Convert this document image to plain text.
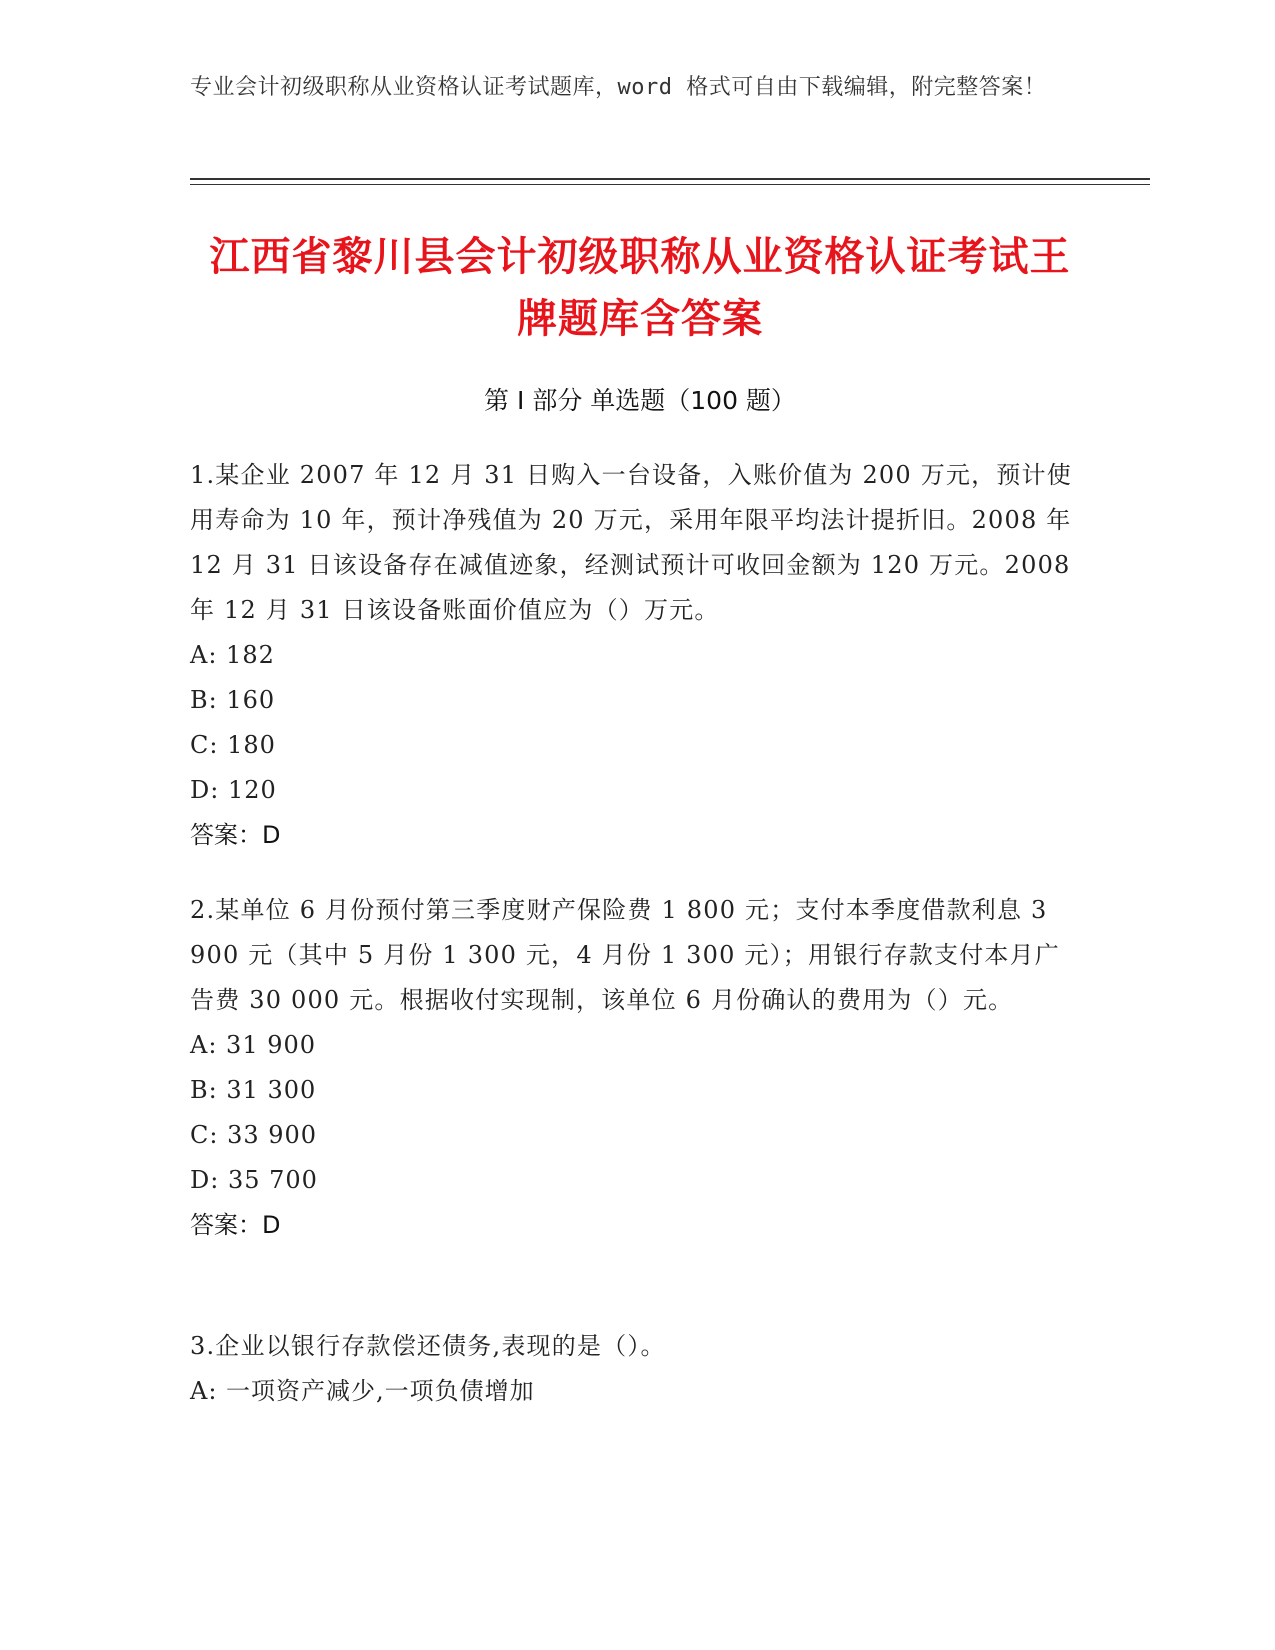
专业会计初级职称从业资格认证考试题库，word 格式可自由下载编辑，附完整答案！
江西省黎川县会计初级职称从业资格认证考试王牌题库含答案
第 I 部分 单选题（100 题）
1.某企业 2007 年 12 月 31 日购入一台设备，入账价值为 200 万元，预计使用寿命为 10 年，预计净残值为 20 万元，采用年限平均法计提折旧。2008 年 12 月 31 日该设备存在减值迹象，经测试预计可收回金额为 120 万元。2008 年 12 月 31 日该设备账面价值应为（）万元。
A: 182
B: 160
C: 180
D: 120
答案：D
2.某单位 6 月份预付第三季度财产保险费 1 800 元；支付本季度借款利息 3 900 元（其中 5 月份 1 300 元，4 月份 1 300 元）；用银行存款支付本月广告费 30 000 元。根据收付实现制，该单位 6 月份确认的费用为（）元。
A: 31 900
B: 31 300
C: 33 900
D: 35 700
答案：D
3.企业以银行存款偿还债务,表现的是（）。
A: 一项资产减少,一项负债增加
